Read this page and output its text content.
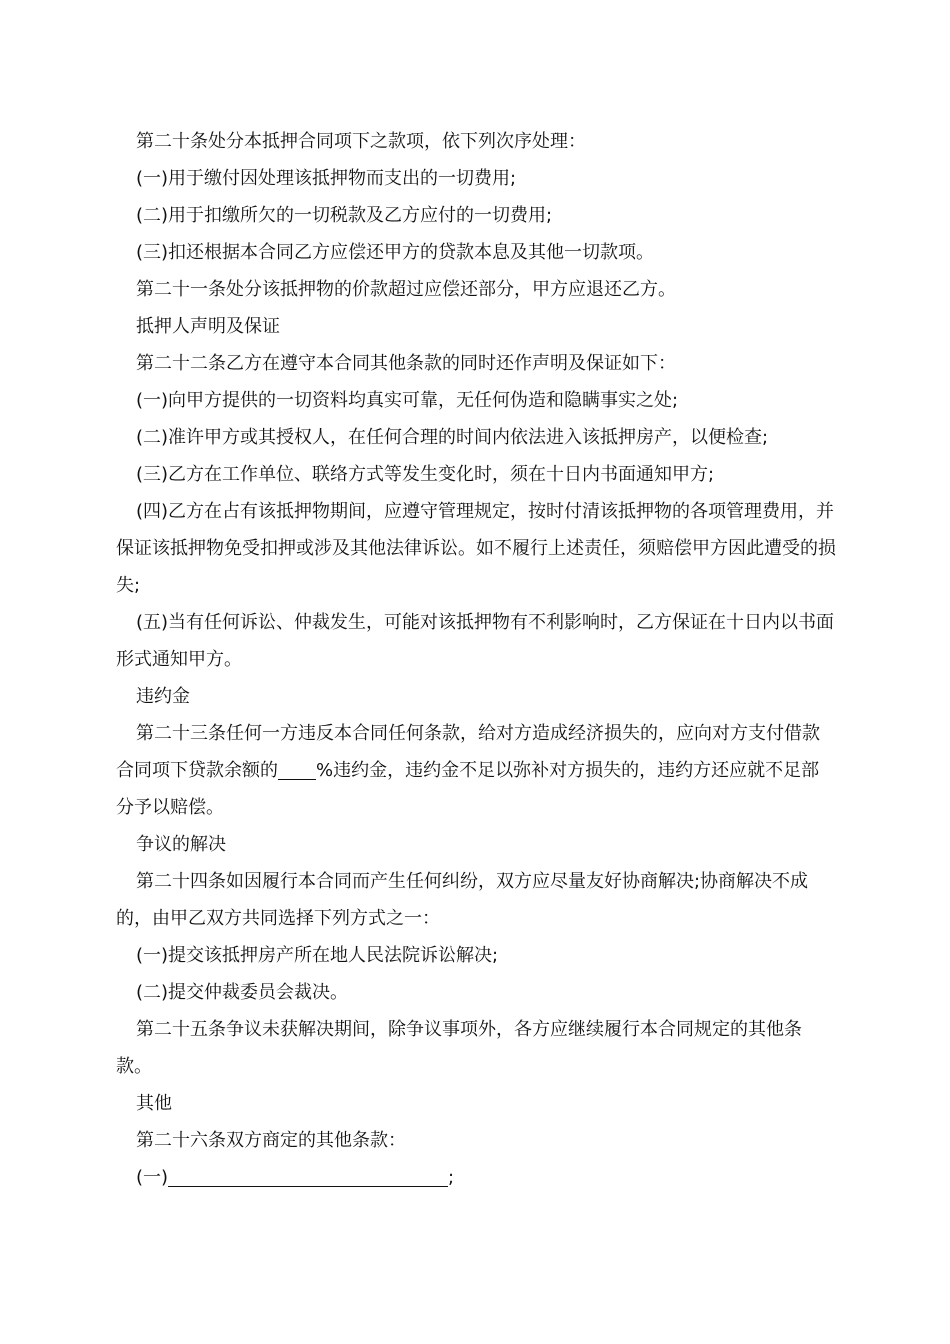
第二十条处分本抵押合同项下之款项，依下列次序处理：

(一)用于缴付因处理该抵押物而支出的一切费用;

(二)用于扣缴所欠的一切税款及乙方应付的一切费用;

(三)扣还根据本合同乙方应偿还甲方的贷款本息及其他一切款项。

第二十一条处分该抵押物的价款超过应偿还部分，甲方应退还乙方。

抵押人声明及保证

第二十二条乙方在遵守本合同其他条款的同时还作声明及保证如下：

(一)向甲方提供的一切资料均真实可靠，无任何伪造和隐瞒事实之处;

(二)准许甲方或其授权人，在任何合理的时间内依法进入该抵押房产，以便检查;

(三)乙方在工作单位、联络方式等发生变化时，须在十日内书面通知甲方;

(四)乙方在占有该抵押物期间，应遵守管理规定，按时付清该抵押物的各项管理费用，并保证该抵押物免受扣押或涉及其他法律诉讼。如不履行上述责任，须赔偿甲方因此遭受的损失;

(五)当有任何诉讼、仲裁发生，可能对该抵押物有不利影响时，乙方保证在十日内以书面形式通知甲方。

违约金

第二十三条任何一方违反本合同任何条款，给对方造成经济损失的，应向对方支付借款合同项下贷款余额的 %违约金，违约金不足以弥补对方损失的，违约方还应就不足部分予以赔偿。

争议的解决

第二十四条如因履行本合同而产生任何纠纷，双方应尽量友好协商解决;协商解决不成的，由甲乙双方共同选择下列方式之一：

(一)提交该抵押房产所在地人民法院诉讼解决;

(二)提交仲裁委员会裁决。

第二十五条争议未获解决期间，除争议事项外，各方应继续履行本合同规定的其他条款。

其他

第二十六条双方商定的其他条款：

(一)	;
